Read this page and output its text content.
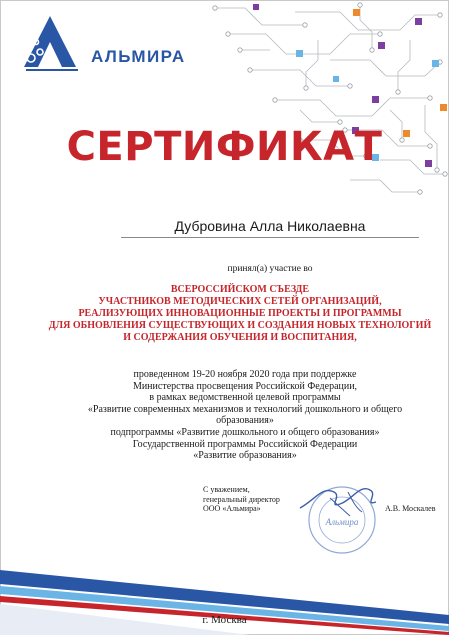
АЛЬМИРА
СЕРТИФИКАТ
Дубровина Алла Николаевна
принял(а) участие во
ВСЕРОССИЙСКОМ СЪЕЗДЕ
УЧАСТНИКОВ МЕТОДИЧЕСКИХ СЕТЕЙ ОРГАНИЗАЦИЙ,
РЕАЛИЗУЮЩИХ ИННОВАЦИОННЫЕ ПРОЕКТЫ И ПРОГРАММЫ
ДЛЯ ОБНОВЛЕНИЯ СУЩЕСТВУЮЩИХ И СОЗДАНИЯ НОВЫХ ТЕХНОЛОГИЙ
И СОДЕРЖАНИЯ ОБУЧЕНИЯ И ВОСПИТАНИЯ,
проведенном 19-20 ноября 2020 года при поддержке
Министерства просвещения Российской Федерации,
в рамках ведомственной целевой программы
«Развитие современных механизмов и технологий дошкольного и общего
образования»
подпрограммы «Развитие дошкольного и общего образования»
Государственной программы Российской Федерации
«Развитие образования»
С уважением,
генеральный директор
ООО «Альмира»
Альмира
А.В. Москалев
г. Москва
